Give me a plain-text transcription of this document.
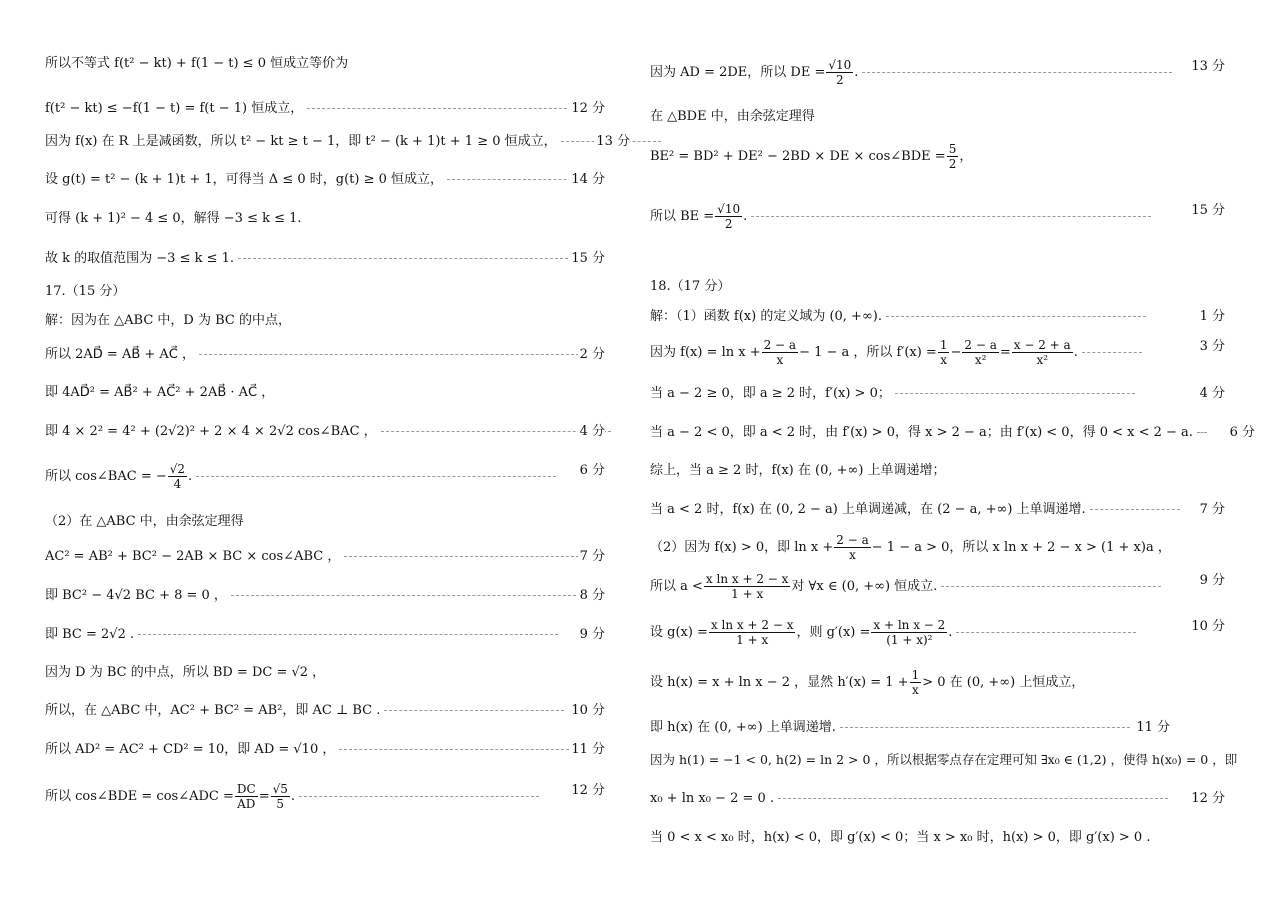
所以不等式 f(t² − kt) + f(1 − t) ≤ 0 恒成立等价为
f(t² − kt) ≤ −f(1 − t) = f(t − 1) 恒成立，	12 分
因为 f(x) 在 R 上是减函数，所以 t² − kt ≥ t − 1，即 t² − (k + 1)t + 1 ≥ 0 恒成立，	13 分
设 g(t) = t² − (k + 1)t + 1，可得当 Δ ≤ 0 时，g(t) ≥ 0 恒成立，	14 分
可得 (k + 1)² − 4 ≤ 0，解得 −3 ≤ k ≤ 1.
故 k 的取值范围为 −3 ≤ k ≤ 1.	15 分
17.（15 分）
解：因为在 △ABC 中，D 为 BC 的中点，
所以 2AD⃗ = AB⃗ + AC⃗ ，	2 分
即 4AD⃗² = AB⃗² + AC⃗² + 2AB⃗ · AC⃗ ，
即 4 × 2² = 4² + (2√2)² + 2 × 4 × 2√2 cos∠BAC ，	4 分
所以 cos∠BAC = − $\frac{√2}{4}$ .	6 分
（2）在 △ABC 中，由余弦定理得
AC² = AB² + BC² − 2AB × BC × cos∠ABC ，	7 分
即 BC² − 4√2 BC + 8 = 0 ，	8 分
即 BC = 2√2 .	9 分
因为 D 为 BC 的中点，所以 BD = DC = √2 ，
所以，在 △ABC 中，AC² + BC² = AB²，即 AC ⊥ BC .	10 分
所以 AD² = AC² + CD² = 10，即 AD = √10 ，	11 分
所以 cos∠BDE = cos∠ADC = $\frac{DC}{AD} = \frac{√5}{5}$ .	12 分
因为 AD = 2DE，所以 DE = $\frac{√10}{2}$ .	13 分
在 △BDE 中，由余弦定理得
BE² = BD² + DE² − 2BD × DE × cos∠BDE = $\frac{5}{2}$ ，
所以 BE = $\frac{√10}{2}$ .	15 分
18.（17 分）
解：（1）函数 f(x) 的定义域为 (0, +∞).	1 分
因为 $f(x) = \ln x + \frac{2 - a}{x} - 1 - a$ ，所以 $f'(x) = \frac{1}{x} - \frac{2 - a}{\text{x²}} = \frac{x - 2 + a}{\text{x²}}$ .	3 分
当 a − 2 ≥ 0，即 a ≥ 2 时，f′(x) > 0；	4 分
当 a − 2 < 0，即 a < 2 时，由 f′(x) > 0，得 x > 2 − a；由 f′(x) < 0，得 0 < x < 2 − a.	6 分
综上，当 a ≥ 2 时，f(x) 在 (0, +∞) 上单调递增；
当 a < 2 时，f(x) 在 (0, 2 − a) 上单调递减，在 (2 − a, +∞) 上单调递增.	7 分
（2）因为 f(x) > 0，即 $\ln x + \frac{2 - a}{x} - 1 - a > 0$，所以 x ln x + 2 − x > (1 + x)a ，
所以 $a < \frac{\text{x ln x + 2 − x}}{1 + x}$ 对 ∀x ∈ (0, +∞) 恒成立.	9 分
设 $g(x) = \frac{\text{x ln x + 2 − x}}{1 + x}$ ，则 $g'(x) = \frac{\text{x + ln x − 2}}{\text{(1 + x)²}}$ .	10 分
设 h(x) = x + ln x − 2 ，显然 $h'(x) = 1 + \frac{1}{x} > 0$ 在 (0, +∞) 上恒成立，
即 h(x) 在 (0, +∞) 上单调递增.	11 分
因为 h(1) = −1 < 0, h(2) = ln 2 > 0 ，所以根据零点存在定理可知 ∃x₀ ∈ (1,2) ，使得 h(x₀) = 0 ，即
x₀ + ln x₀ − 2 = 0 .	12 分
当 0 < x < x₀ 时，h(x) < 0，即 g′(x) < 0；当 x > x₀ 时，h(x) > 0，即 g′(x) > 0 .
